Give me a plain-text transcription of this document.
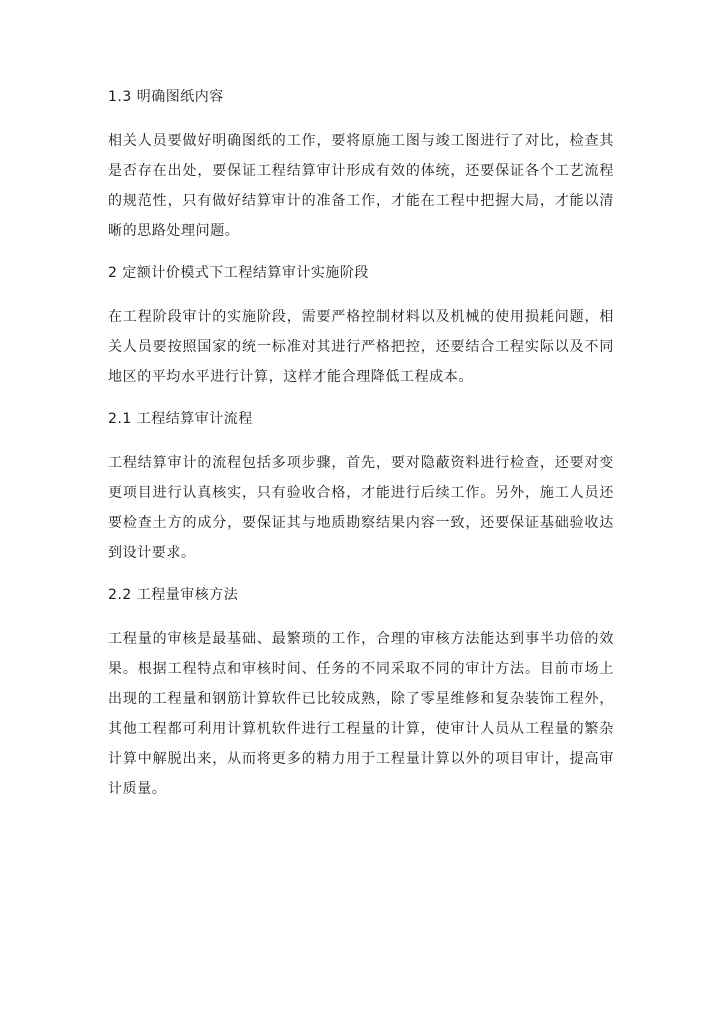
1.3 明确图纸内容

相关人员要做好明确图纸的工作，要将原施工图与竣工图进行了对比，检查其是否存在出处，要保证工程结算审计形成有效的体统，还要保证各个工艺流程的规范性，只有做好结算审计的准备工作，才能在工程中把握大局，才能以清晰的思路处理问题。

2 定额计价模式下工程结算审计实施阶段

在工程阶段审计的实施阶段，需要严格控制材料以及机械的使用损耗问题，相关人员要按照国家的统一标准对其进行严格把控，还要结合工程实际以及不同地区的平均水平进行计算，这样才能合理降低工程成本。

2.1 工程结算审计流程

工程结算审计的流程包括多项步骤，首先，要对隐蔽资料进行检查，还要对变更项目进行认真核实，只有验收合格，才能进行后续工作。另外，施工人员还要检查土方的成分，要保证其与地质勘察结果内容一致，还要保证基础验收达到设计要求。

2.2 工程量审核方法

工程量的审核是最基础、最繁琐的工作，合理的审核方法能达到事半功倍的效果。根据工程特点和审核时间、任务的不同采取不同的审计方法。目前市场上出现的工程量和钢筋计算软件已比较成熟，除了零星维修和复杂装饰工程外，其他工程都可利用计算机软件进行工程量的计算，使审计人员从工程量的繁杂计算中解脱出来，从而将更多的精力用于工程量计算以外的项目审计，提高审计质量。
